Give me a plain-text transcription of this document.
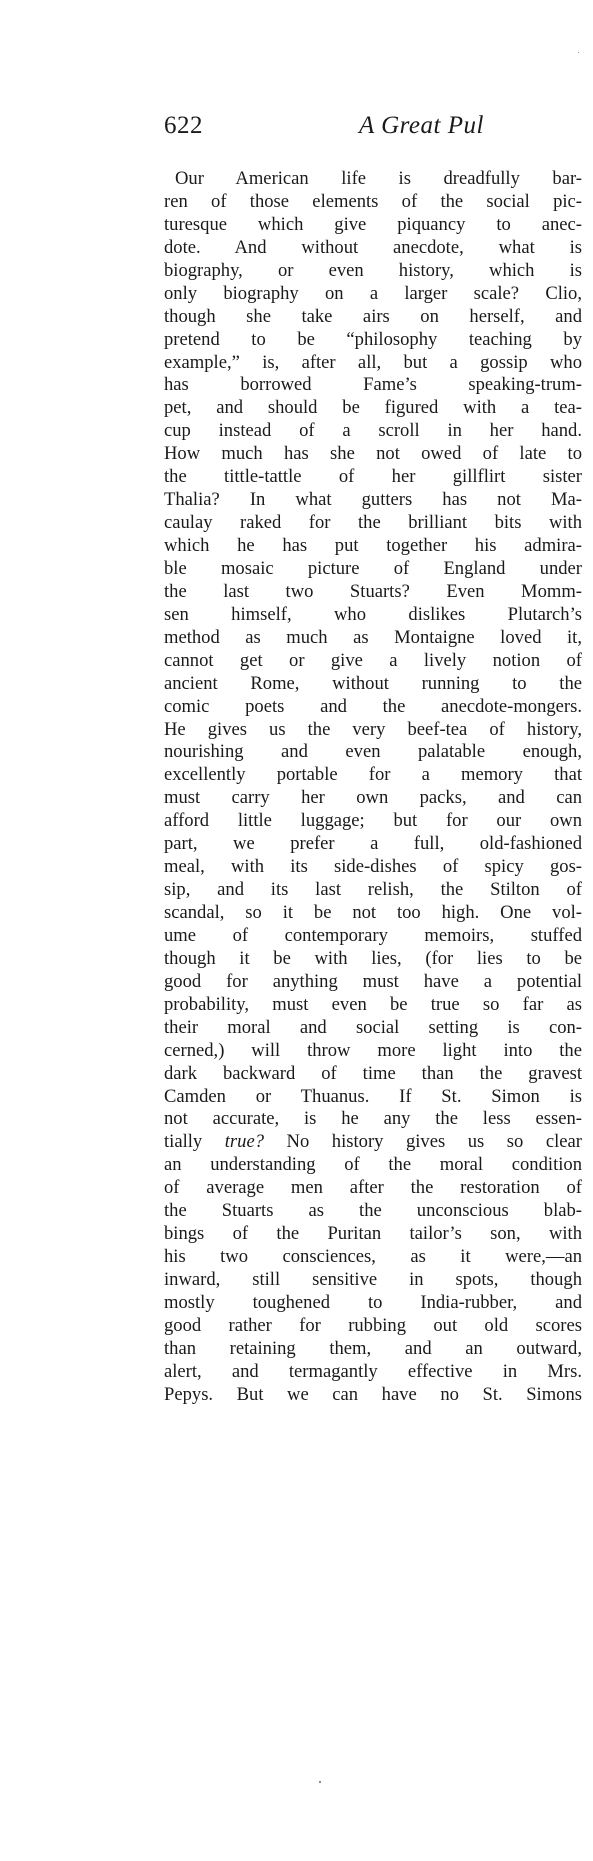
622	A Great Pul
Our American life is dreadfully bar-
ren of those elements of the social pic-
turesque which give piquancy to anec-
dote. And without anecdote, what is
biography, or even history, which is
only biography on a larger scale? Clio,
though she take airs on herself, and
pretend to be “philosophy teaching by
example,” is, after all, but a gossip who
has borrowed Fame’s speaking-trum-
pet, and should be figured with a tea-
cup instead of a scroll in her hand.
How much has she not owed of late to
the tittle-tattle of her gillflirt sister
Thalia? In what gutters has not Ma-
caulay raked for the brilliant bits with
which he has put together his admira-
ble mosaic picture of England under
the last two Stuarts? Even Momm-
sen himself, who dislikes Plutarch’s
method as much as Montaigne loved it,
cannot get or give a lively notion of
ancient Rome, without running to the
comic poets and the anecdote-mongers.
He gives us the very beef-tea of history,
nourishing and even palatable enough,
excellently portable for a memory that
must carry her own packs, and can
afford little luggage; but for our own
part, we prefer a full, old-fashioned
meal, with its side-dishes of spicy gos-
sip, and its last relish, the Stilton of
scandal, so it be not too high. One vol-
ume of contemporary memoirs, stuffed
though it be with lies, (for lies to be
good for anything must have a potential
probability, must even be true so far as
their moral and social setting is con-
cerned,) will throw more light into the
dark backward of time than the gravest
Camden or Thuanus. If St. Simon is
not accurate, is he any the less essen-
tially true? No history gives us so clear
an understanding of the moral condition
of average men after the restoration of
the Stuarts as the unconscious blab-
bings of the Puritan tailor’s son, with
his two consciences, as it were,—an
inward, still sensitive in spots, though
mostly toughened to India-rubber, and
good rather for rubbing out old scores
than retaining them, and an outward,
alert, and termagantly effective in Mrs.
Pepys. But we can have no St. Simons
